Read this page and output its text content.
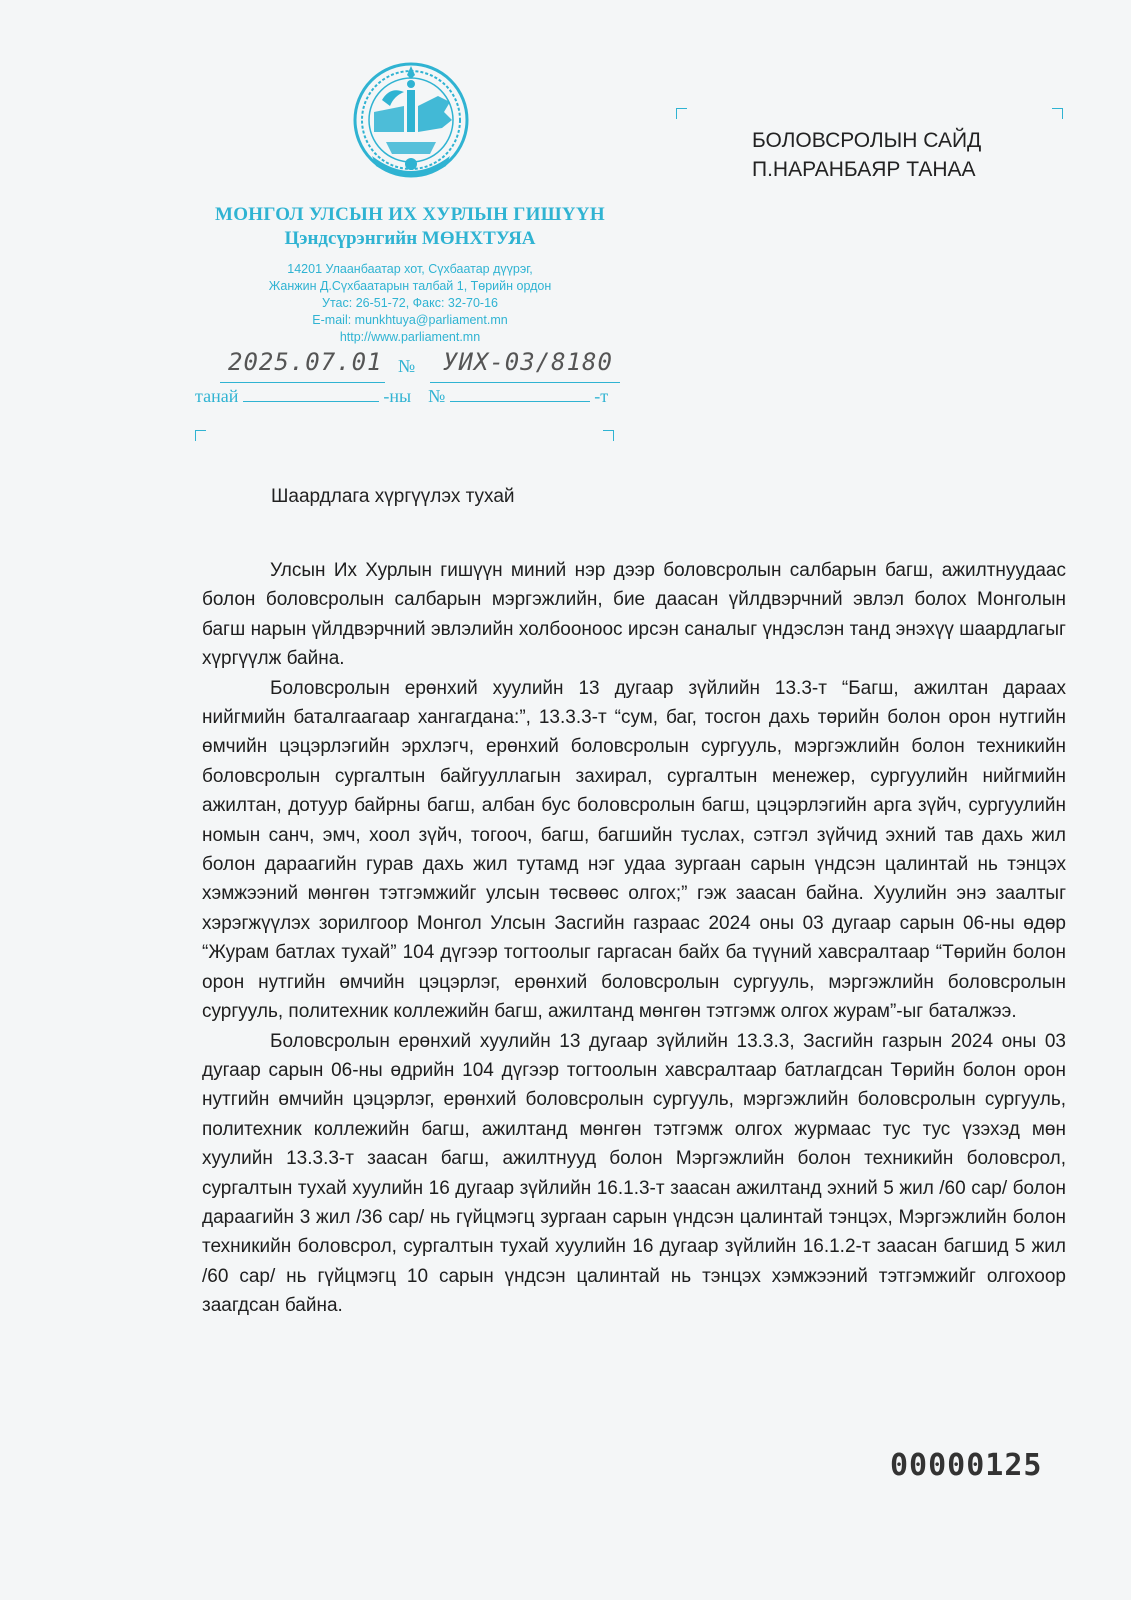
МОНГОЛ УЛСЫН ИХ ХУРЛЫН ГИШҮҮН
Цэндсүрэнгийн МӨНХТУЯА
14201 Улаанбаатар хот, Сүхбаатар дүүрэг,
Жанжин Д.Сүхбаатарын талбай 1, Төрийн ордон
Утас: 26-51-72, Факс: 32-70-16
E-mail: munkhtuya@parliament.mn
http://www.parliament.mn
2025.07.01 № УИХ-03/8180
танай	-ны №	-т
БОЛОВСРОЛЫН САЙД
П.НАРАНБАЯР ТАНАА
Шаардлага хүргүүлэх тухай

Улсын Их Хурлын гишүүн миний нэр дээр боловсролын салбарын багш, ажилтнуудаас болон боловсролын салбарын мэргэжлийн, бие даасан үйлдвэрчний эвлэл болох Монголын багш нарын үйлдвэрчний эвлэлийн холбооноос ирсэн саналыг үндэслэн танд энэхүү шаардлагыг хүргүүлж байна.

Боловсролын ерөнхий хуулийн 13 дугаар зүйлийн 13.3-т “Багш, ажилтан дараах нийгмийн баталгаагаар хангагдана:”, 13.3.3-т “сум, баг, тосгон дахь төрийн болон орон нутгийн өмчийн цэцэрлэгийн эрхлэгч, ерөнхий боловсролын сургууль, мэргэжлийн болон техникийн боловсролын сургалтын байгууллагын захирал, сургалтын менежер, сургуулийн нийгмийн ажилтан, дотуур байрны багш, албан бус боловсролын багш, цэцэрлэгийн арга зүйч, сургуулийн номын санч, эмч, хоол зүйч, тогооч, багш, багшийн туслах, сэтгэл зүйчид эхний тав дахь жил болон дараагийн гурав дахь жил тутамд нэг удаа зургаан сарын үндсэн цалинтай нь тэнцэх хэмжээний мөнгөн тэтгэмжийг улсын төсвөөс олгох;” гэж заасан байна. Хуулийн энэ заалтыг хэрэгжүүлэх зорилгоор Монгол Улсын Засгийн газраас 2024 оны 03 дугаар сарын 06-ны өдөр “Журам батлах тухай” 104 дүгээр тогтоолыг гаргасан байх ба түүний хавсралтаар “Төрийн болон орон нутгийн өмчийн цэцэрлэг, ерөнхий боловсролын сургууль, мэргэжлийн боловсролын сургууль, политехник коллежийн багш, ажилтанд мөнгөн тэтгэмж олгох журам”-ыг баталжээ.

Боловсролын ерөнхий хуулийн 13 дугаар зүйлийн 13.3.3, Засгийн газрын 2024 оны 03 дугаар сарын 06-ны өдрийн 104 дүгээр тогтоолын хавсралтаар батлагдсан Төрийн болон орон нутгийн өмчийн цэцэрлэг, ерөнхий боловсролын сургууль, мэргэжлийн боловсролын сургууль, политехник коллежийн багш, ажилтанд мөнгөн тэтгэмж олгох журмаас тус тус үзэхэд мөн хуулийн 13.3.3-т заасан багш, ажилтнууд болон Мэргэжлийн болон техникийн боловсрол, сургалтын тухай хуулийн 16 дугаар зүйлийн 16.1.3-т заасан ажилтанд эхний 5 жил /60 сар/ болон дараагийн 3 жил /36 сар/ нь гүйцмэгц зургаан сарын үндсэн цалинтай тэнцэх, Мэргэжлийн болон техникийн боловсрол, сургалтын тухай хуулийн 16 дугаар зүйлийн 16.1.2-т заасан багшид 5 жил /60 сар/ нь гүйцмэгц 10 сарын үндсэн цалинтай нь тэнцэх хэмжээний тэтгэмжийг олгохоор заагдсан байна.

00000125
